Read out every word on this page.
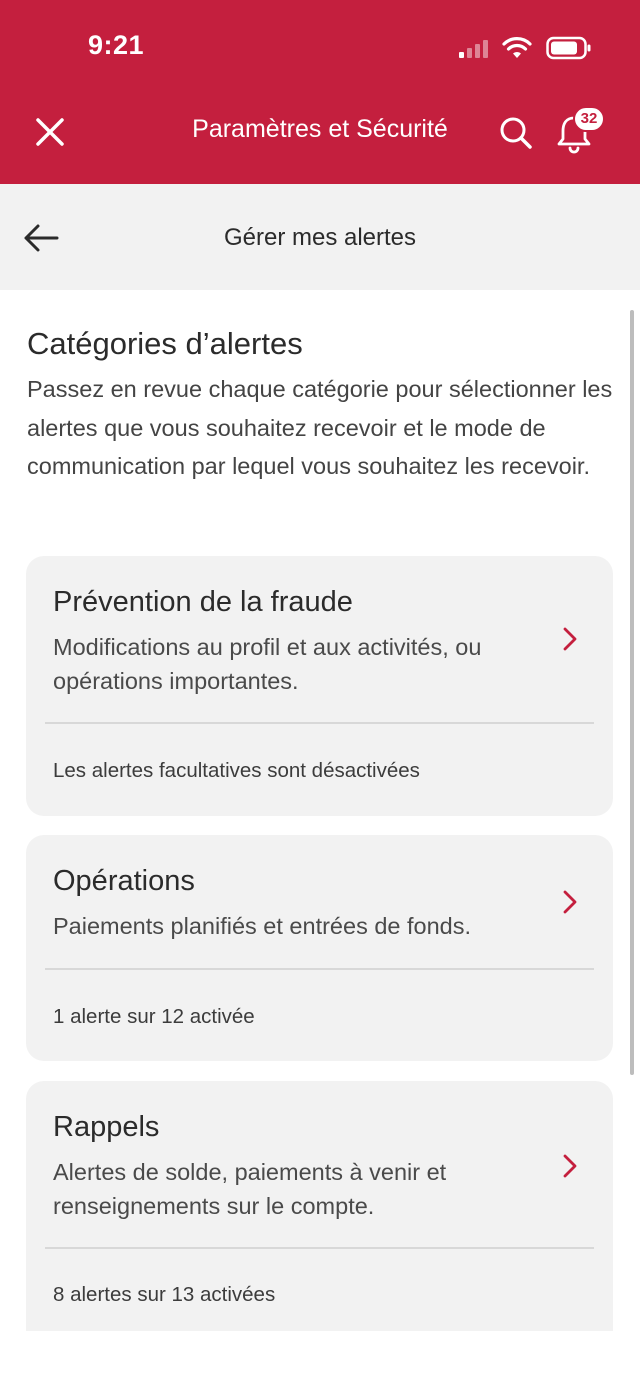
9:21
Paramètres et Sécurité	32
Gérer mes alertes
Catégories d’alertes
Passez en revue chaque catégorie pour sélectionner les alertes que vous souhaitez recevoir et le mode de communication par lequel vous souhaitez les recevoir.
Prévention de la fraude
Modifications au profil et aux activités, ou opérations importantes.
Les alertes facultatives sont désactivées
Opérations
Paiements planifiés et entrées de fonds.
1 alerte sur 12 activée
Rappels
Alertes de solde, paiements à venir et renseignements sur le compte.
8 alertes sur 13 activées
